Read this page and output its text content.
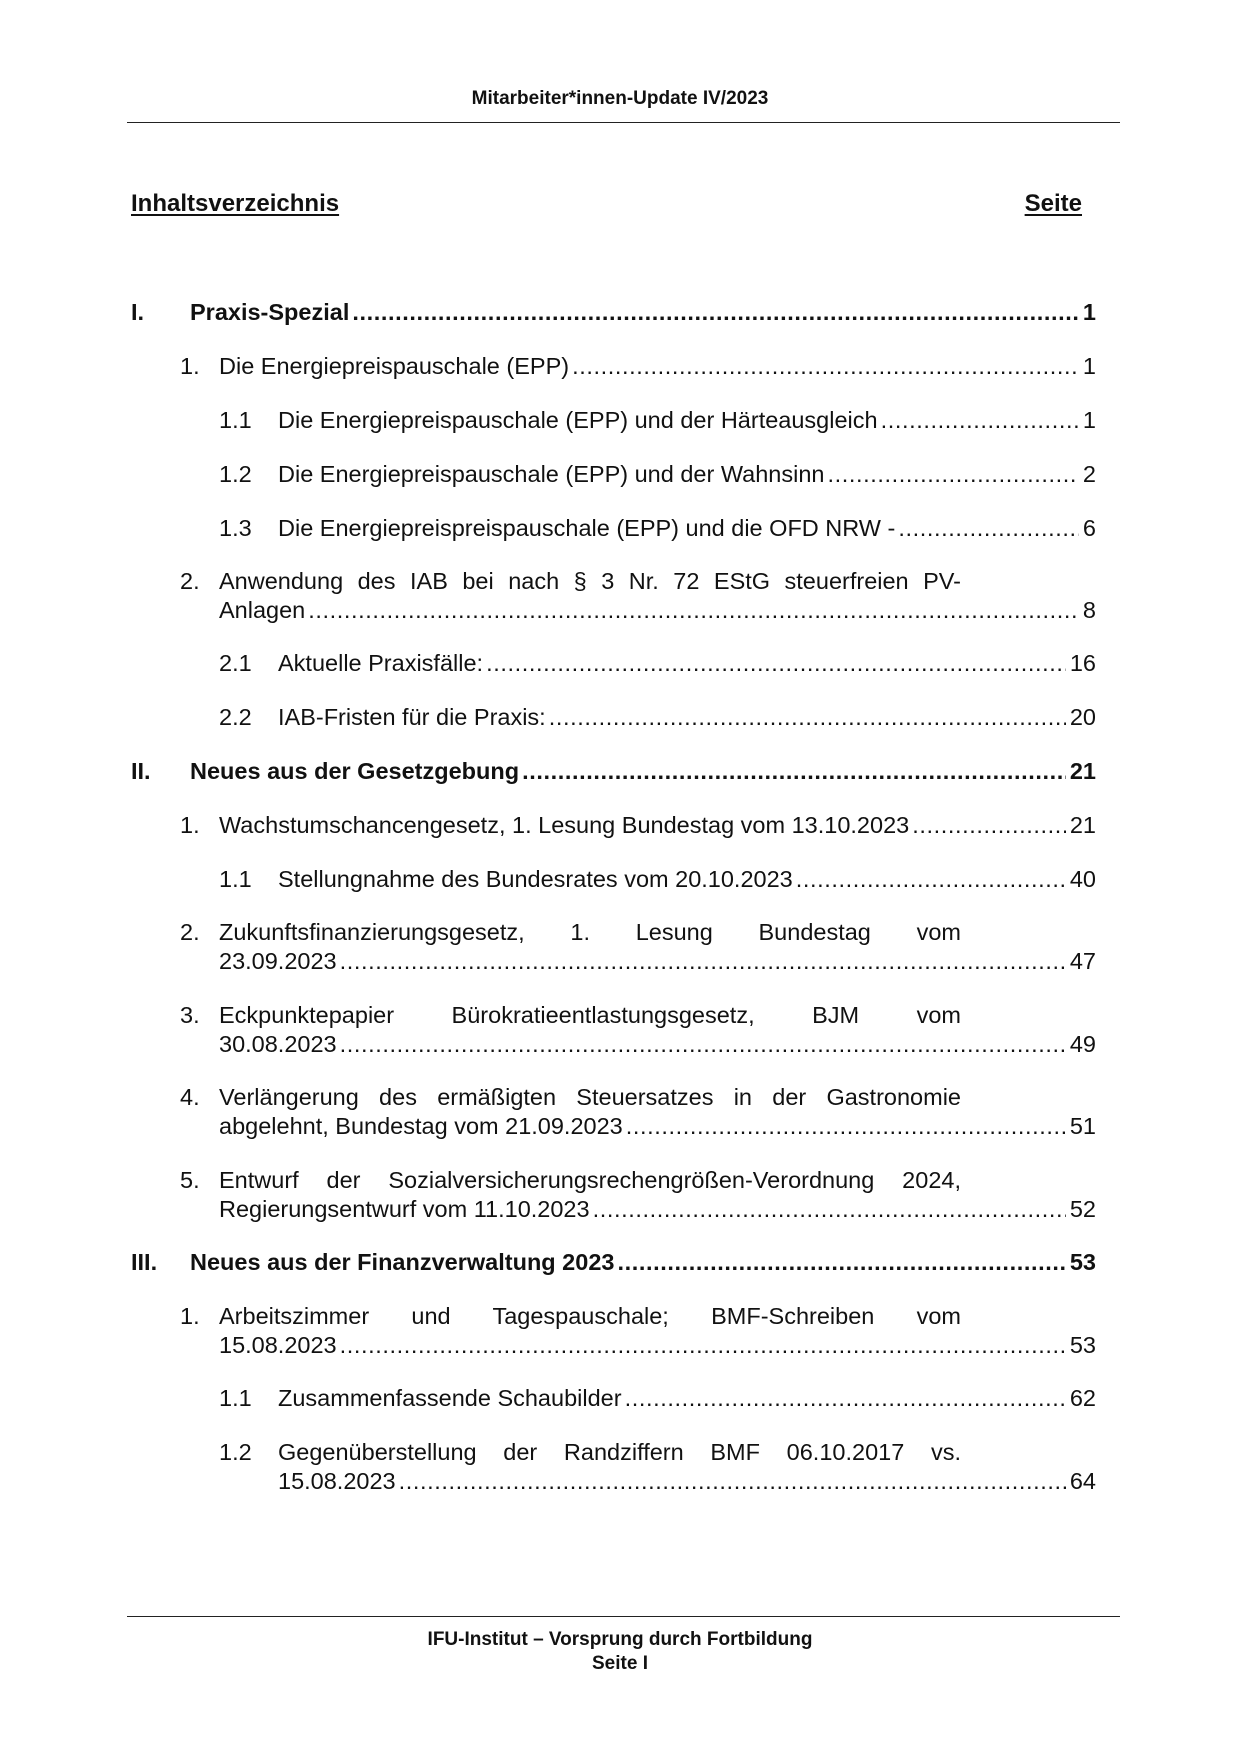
Mitarbeiter*innen-Update IV/2023
Inhaltsverzeichnis	Seite
I. Praxis-Spezial .....	1
1. Die Energiepreispauschale (EPP) .....	1
1.1 Die Energiepreispauschale (EPP) und der Härteausgleich .....	1
1.2 Die Energiepreispauschale (EPP) und der Wahnsinn .....	2
1.3 Die Energiepreispreispauschale (EPP) und die OFD NRW - .....	6
2. Anwendung des IAB bei nach § 3 Nr. 72 EStG steuerfreien PV-
Anlagen .....	8
2.1 Aktuelle Praxisfälle: .....	16
2.2 IAB-Fristen für die Praxis: .....	20
II. Neues aus der Gesetzgebung .....	21
1. Wachstumschancengesetz, 1. Lesung Bundestag vom 13.10.2023 .....	21
1.1 Stellungnahme des Bundesrates vom 20.10.2023 .....	40
2. Zukunftsfinanzierungsgesetz, 1. Lesung Bundestag vom
23.09.2023 .....	47
3. Eckpunktepapier Bürokratieentlastungsgesetz, BJM vom
30.08.2023 .....	49
4. Verlängerung des ermäßigten Steuersatzes in der Gastronomie
abgelehnt, Bundestag vom 21.09.2023 .....	51
5. Entwurf der Sozialversicherungsrechengrößen-Verordnung 2024,
Regierungsentwurf vom 11.10.2023 .....	52
III. Neues aus der Finanzverwaltung 2023 .....	53
1. Arbeitszimmer und Tagespauschale; BMF-Schreiben vom
15.08.2023 .....	53
1.1 Zusammenfassende Schaubilder .....	62
1.2 Gegenüberstellung der Randziffern BMF 06.10.2017 vs.
15.08.2023 .....	64
IFU-Institut – Vorsprung durch Fortbildung
Seite I
